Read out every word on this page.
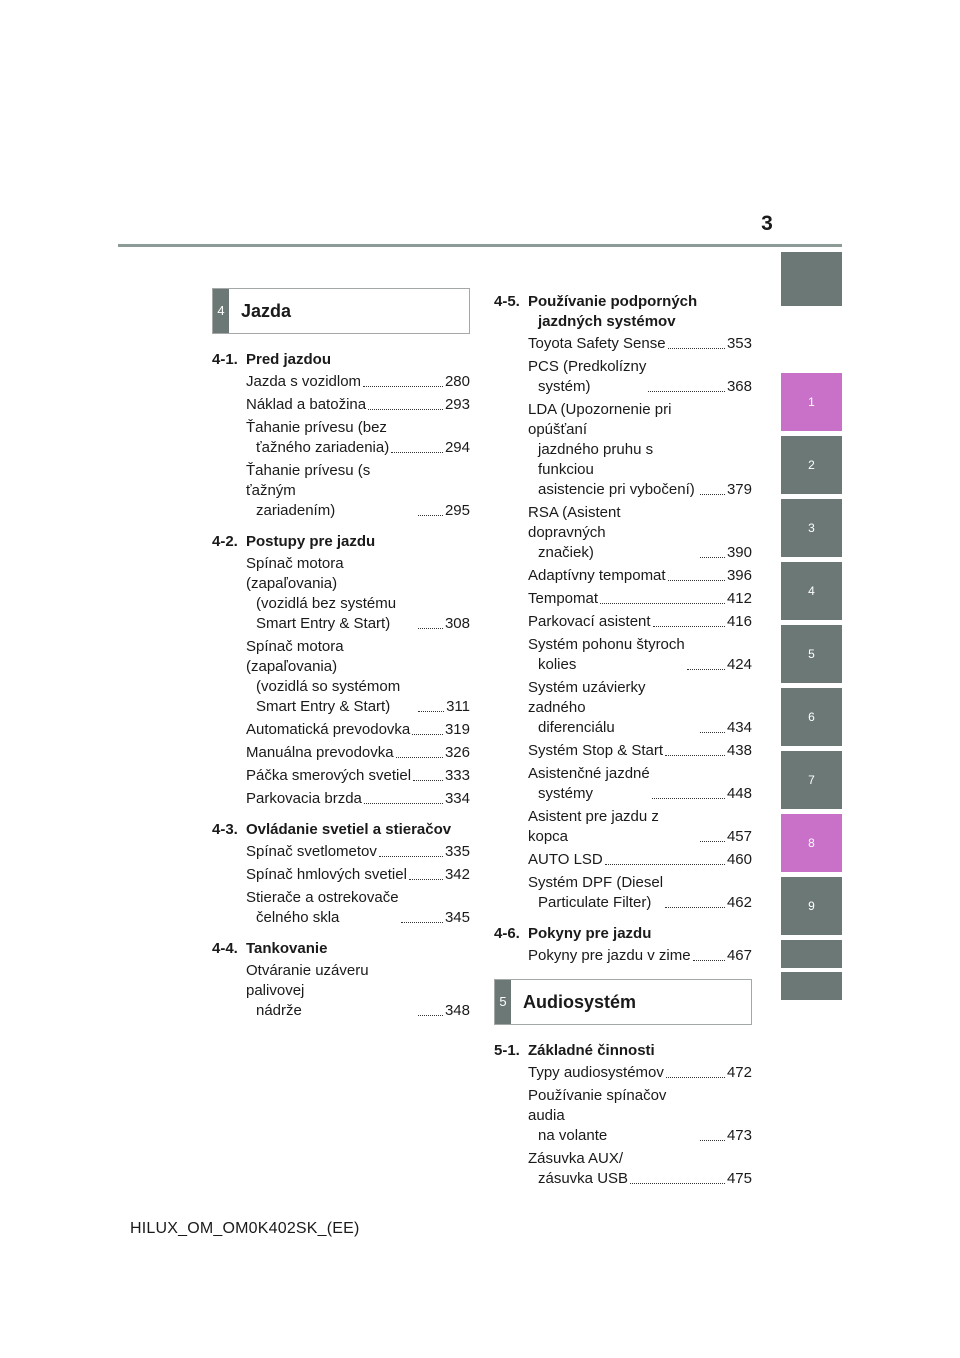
3
4 Jazda
4-1. Pred jazdou
Jazda s vozidlom	280
Náklad a batožina	293
Ťahanie prívesu (bez
ťažného zariadenia)	294
Ťahanie prívesu (s ťažným
zariadením)	295
4-2. Postupy pre jazdu
Spínač motora (zapaľovania)
(vozidlá bez systému
Smart Entry & Start)	308
Spínač motora (zapaľovania)
(vozidlá so systémom
Smart Entry & Start)	311
Automatická prevodovka 319
Manuálna prevodovka	326
Páčka smerových svetiel 333
Parkovacia brzda	334
4-3. Ovládanie svetiel a stieračov
Spínač svetlometov	335
Spínač hmlových svetiel	342
Stierače a ostrekovače
čelného skla	345
4-4. Tankovanie
Otváranie uzáveru palivovej
nádrže	348
4-5. Používanie podporných
jazdných systémov
Toyota Safety Sense	353
PCS (Predkolízny
systém)	368
LDA (Upozornenie pri opúšťaní
jazdného pruhu s funkciou
asistencie pri vybočení) 379
RSA (Asistent dopravných
značiek)	390
Adaptívny tempomat	396
Tempomat	412
Parkovací asistent	416
Systém pohonu štyroch
kolies	424
Systém uzávierky zadného
diferenciálu	434
Systém Stop & Start	438
Asistenčné jazdné
systémy	448
Asistent pre jazdu z kopca	457
AUTO LSD	460
Systém DPF (Diesel
Particulate Filter)	462
4-6. Pokyny pre jazdu
Pokyny pre jazdu v zime 467
5 Audiosystém
5-1. Základné činnosti
Typy audiosystémov	472
Používanie spínačov audia
na volante	473
Zásuvka AUX/
zásuvka USB	475
1
2
3
4
5
6
7
8
9
HILUX_OM_OM0K402SK_(EE)
